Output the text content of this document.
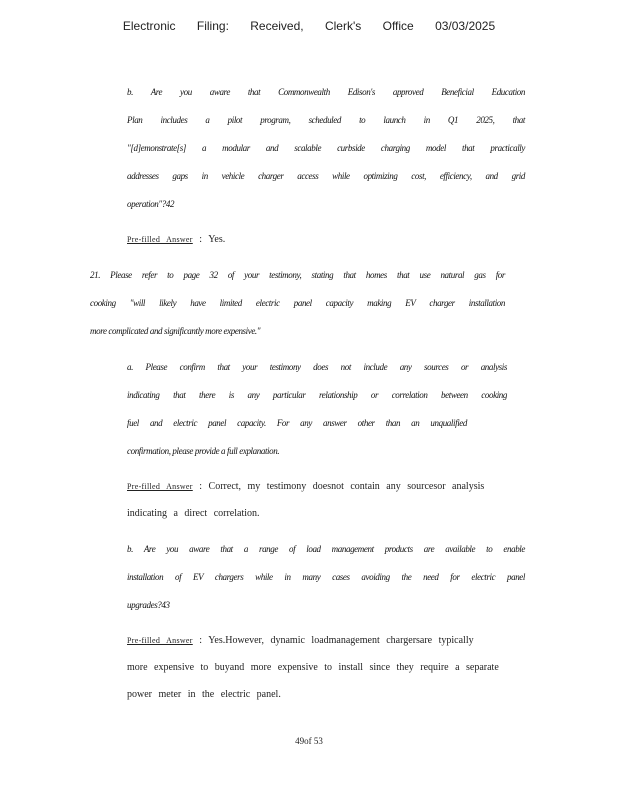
Electronic Filing: Received, Clerk's Office 03/03/2025
b. Are you aware that Commonwealth Edison's approved Beneficial Education
Plan includes a pilot program, scheduled to launch in Q1 2025, that
"[d]emonstrate[s] a modular and scalable curbside charging model that practically
addresses gaps in vehicle charger access while optimizing cost, efficiency, and grid
operation"?42
Pre-filled Answer : Yes.
21. Please refer to page 32 of your testimony, stating that homes that use natural gas for
cooking "will likely have limited electric panel capacity making EV charger installation
more complicated and significantly more expensive."
a. Please confirm that your testimony does not include any sources or analysis
indicating that there is any particular relationship or correlation between cooking
fuel and electric panel capacity. For any answer other than an unqualified
confirmation, please provide a full explanation.
Pre-filled Answer : Correct, my testimony doesnot contain any sourcesor analysis
indicating a direct correlation.
b. Are you aware that a range of load management products are available to enable
installation of EV chargers while in many cases avoiding the need for electric panel
upgrades?43
Pre-filled Answer : Yes.However, dynamic loadmanagement chargersare typically
more expensive to buyand more expensive to install since they require a separate
power meter in the electric panel.
49of 53
